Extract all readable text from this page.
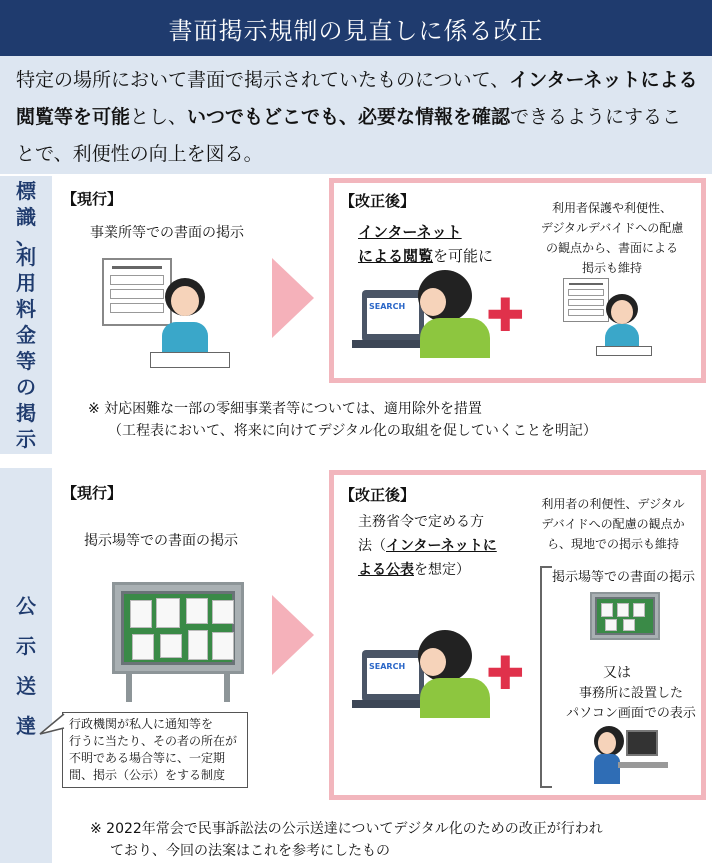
書面掲示規制の見直しに係る改正
特定の場所において書面で掲示されていたものについて、インターネットによる閲覧等を可能とし、いつでもどこでも、必要な情報を確認できるようにすることで、利便性の向上を図る。
標
識
、
利
用
料
金
等
の
掲
示
【現行】
事業所等での書面の掲示
【改正後】
インターネット
による閲覧を可能に
利用者保護や利便性、
デジタルデバイドへの配慮
の観点から、書面による
掲示も維持
SEARCH	✚
※ 対応困難な一部の零細事業者等については、適用除外を措置
（工程表において、将来に向けてデジタル化の取組を促していくことを明記）
公
示
送
達
【現行】
掲示場等での書面の掲示
行政機関が私人に通知等を
行うに当たり、その者の所在が
不明である場合等に、一定期
間、掲示（公示）をする制度
【改正後】
主務省令で定める方
法（インターネットに
よる公表を想定）
利用者の利便性、デジタル
デバイドへの配慮の観点か
ら、現地での掲示も維持
SEARCH	✚
掲示場等での書面の掲示
又は
事務所に設置した
パソコン画面での表示
※ 2022年常会で民事訴訟法の公示送達についてデジタル化のための改正が行われ
ており、今回の法案はこれを参考にしたもの
